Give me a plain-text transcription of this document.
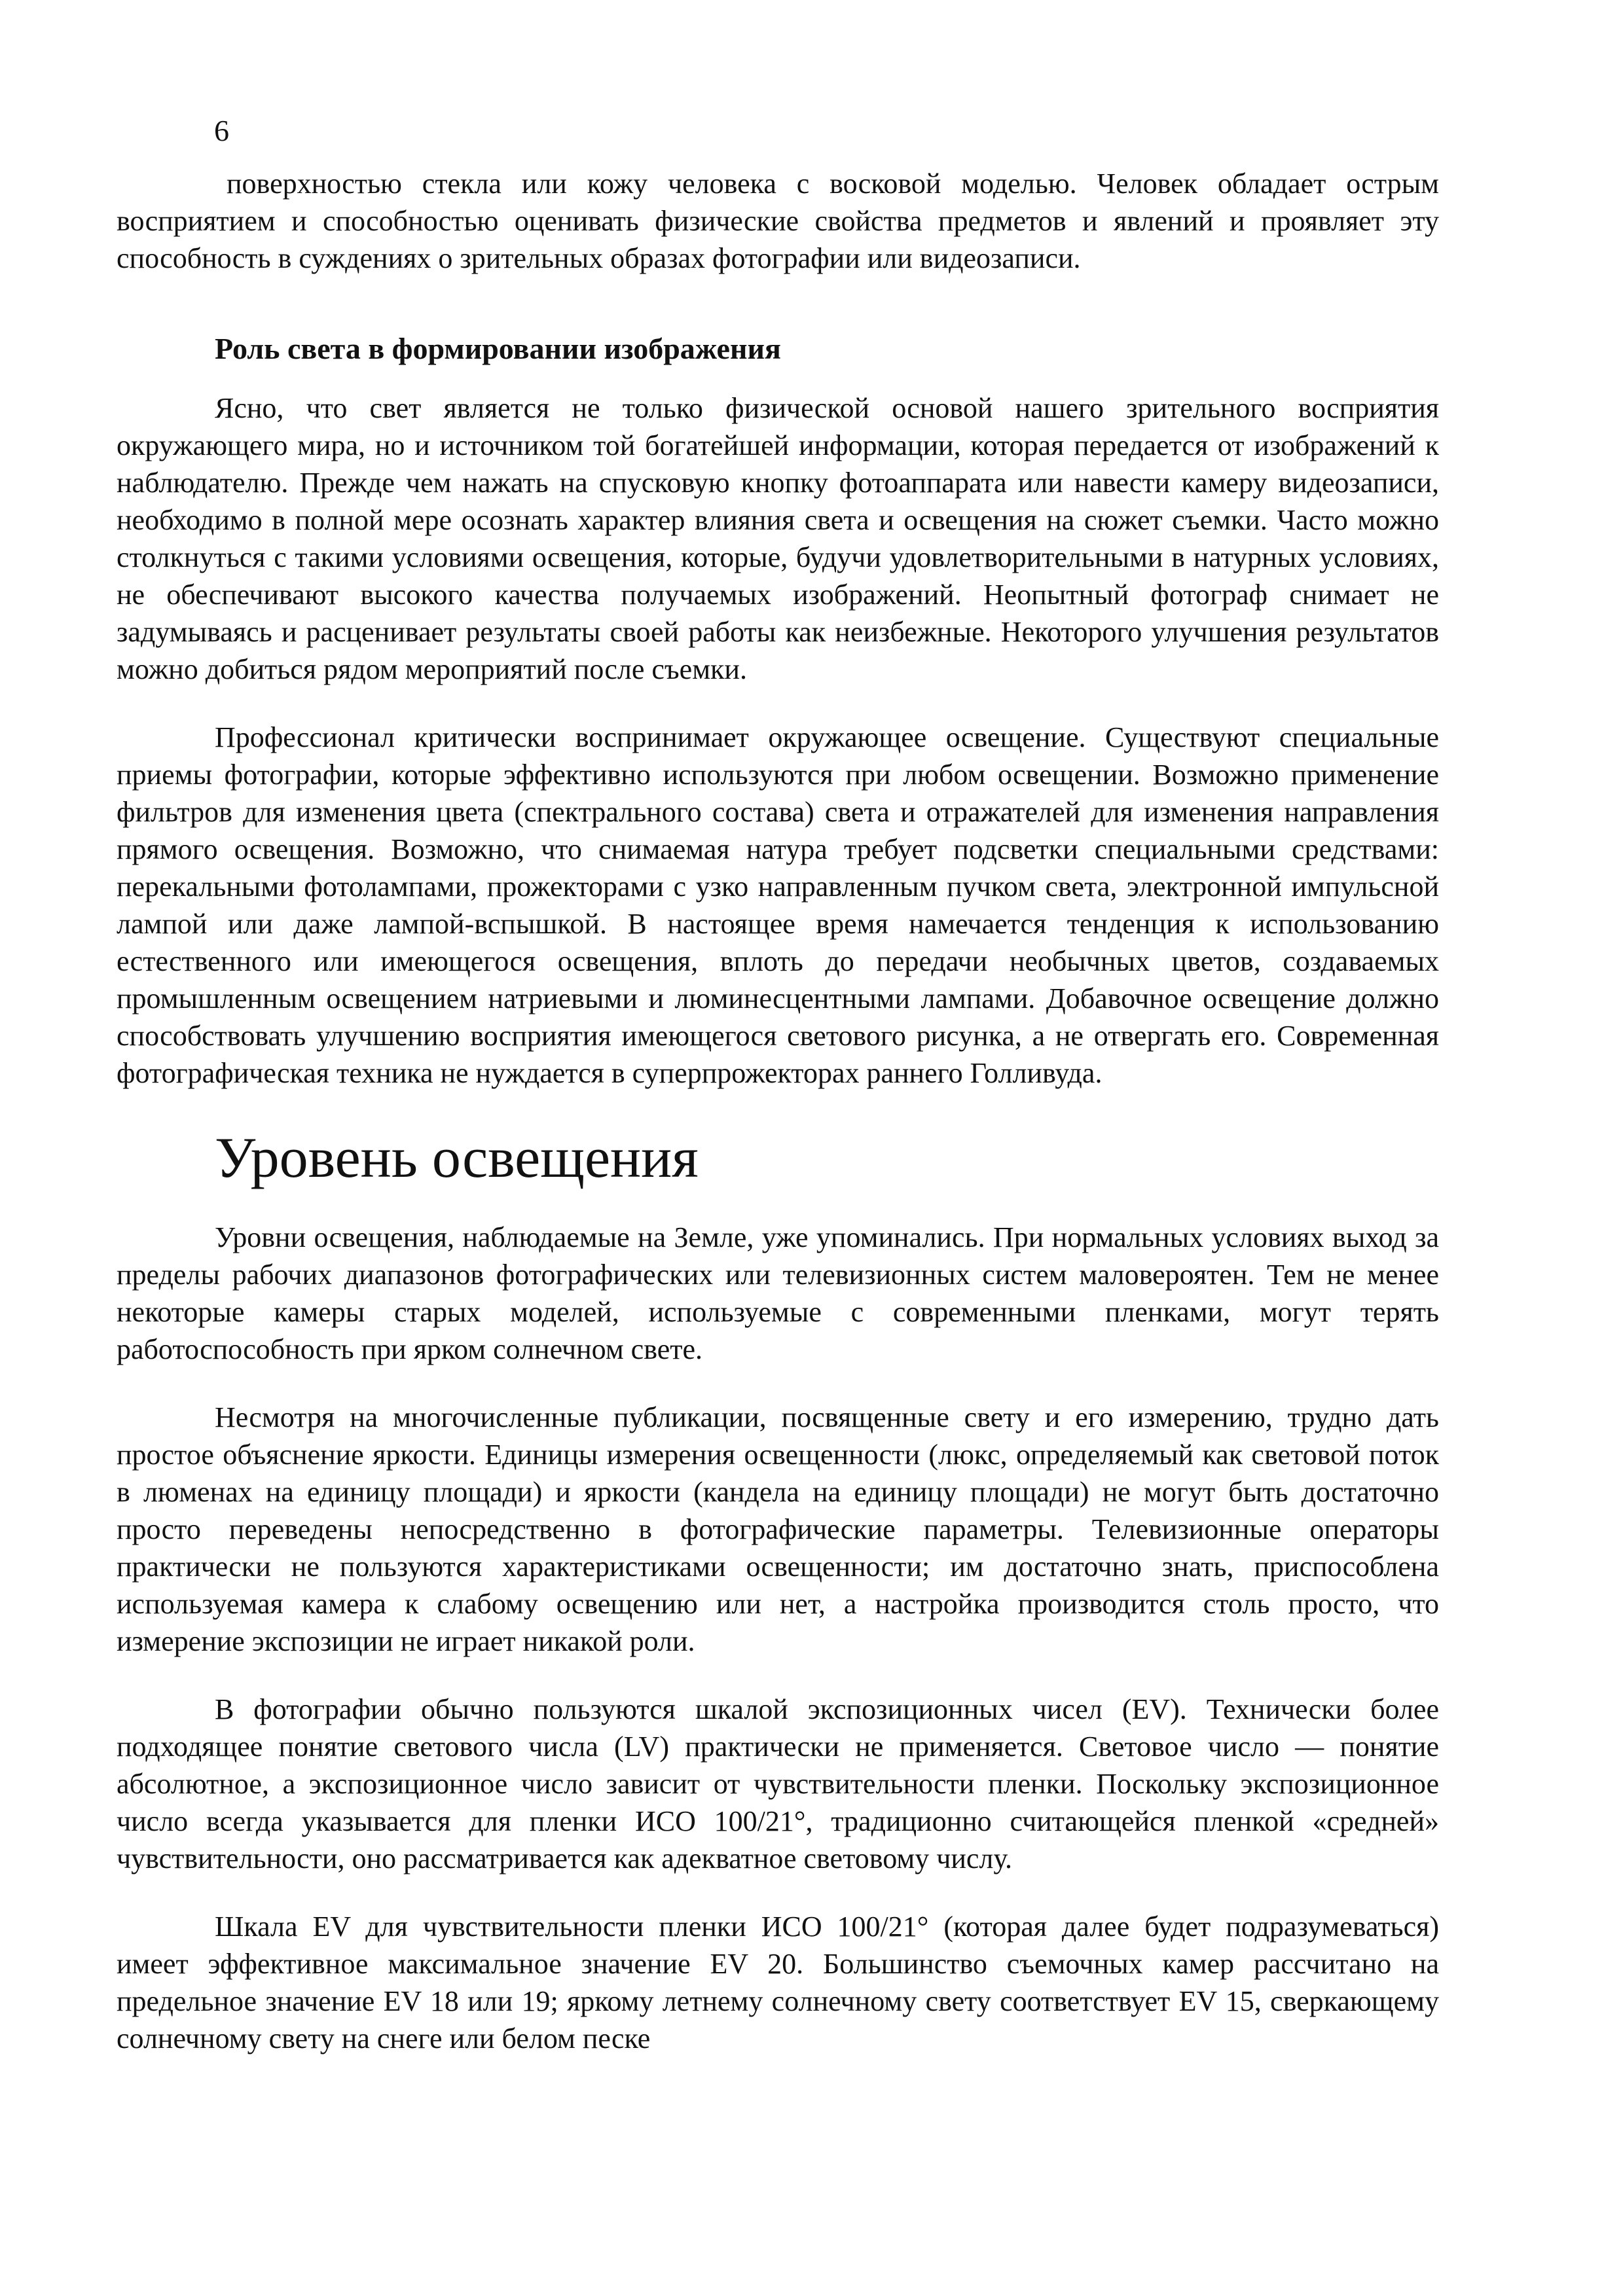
6

поверхностью стекла или кожу человека с восковой моделью. Человек обладает острым восприятием и способностью оценивать физические свойства предметов и явлений и проявляет эту способность в суждениях о зрительных образах фотографии или видеозаписи.

Роль света в формировании изображения

Ясно, что свет является не только физической основой нашего зрительного восприятия окружающего мира, но и источником той богатейшей информации, которая передается от изображений к наблюдателю. Прежде чем нажать на спусковую кнопку фотоаппарата или навести камеру видеозаписи, необходимо в полной мере осознать характер влияния света и освещения на сюжет съемки. Часто можно столкнуться с такими условиями освещения, которые, будучи удовлетворительными в натурных условиях, не обеспечивают высокого качества получаемых изображений. Неопытный фотограф снимает не задумываясь и расценивает результаты своей работы как неизбежные. Некоторого улучшения результатов можно добиться рядом мероприятий после съемки.

Профессионал критически воспринимает окружающее освещение. Существуют специальные приемы фотографии, которые эффективно используются при любом освещении. Возможно применение фильтров для изменения цвета (спектрального состава) света и отражателей для изменения направления прямого освещения. Возможно, что снимаемая натура требует подсветки специальными средствами: перекальными фотолампами, прожекторами с узко направленным пучком света, электронной импульсной лампой или даже лампой-вспышкой. В настоящее время намечается тенденция к использованию естественного или имеющегося освещения, вплоть до передачи необычных цветов, создаваемых промышленным освещением натриевыми и люминесцентными лампами. Добавочное освещение должно способствовать улучшению восприятия имеющегося светового рисунка, а не отвергать его. Современная фотографическая техника не нуждается в суперпрожекторах раннего Голливуда.

Уровень освещения

Уровни освещения, наблюдаемые на Земле, уже упоминались. При нормальных условиях выход за пределы рабочих диапазонов фотографических или телевизионных систем маловероятен. Тем не менее некоторые камеры старых моделей, используемые с современными пленками, могут терять работоспособность при ярком солнечном свете.

Несмотря на многочисленные публикации, посвященные свету и его измерению, трудно дать простое объяснение яркости. Единицы измерения освещенности (люкс, определяемый как световой поток в люменах на единицу площади) и яркости (кандела на единицу площади) не могут быть достаточно просто переведены непосредственно в фотографические параметры. Телевизионные операторы практически не пользуются характеристиками освещенности; им достаточно знать, приспособлена используемая камера к слабому освещению или нет, а настройка производится столь просто, что измерение экспозиции не играет никакой роли.

В фотографии обычно пользуются шкалой экспозиционных чисел (EV). Технически более подходящее понятие светового числа (LV) практически не применяется. Световое число — понятие абсолютное, а экспозиционное число зависит от чувствительности пленки. Поскольку экспозиционное число всегда указывается для пленки ИСО 100/21°, традиционно считающейся пленкой «средней» чувствительности, оно рассматривается как адекватное световому числу.

Шкала EV для чувствительности пленки ИСО 100/21° (которая далее будет подразумеваться) имеет эффективное максимальное значение EV 20. Большинство съемочных камер рассчитано на предельное значение EV 18 или 19; яркому летнему солнечному свету соответствует EV 15, сверкающему солнечному свету на снеге или белом песке
